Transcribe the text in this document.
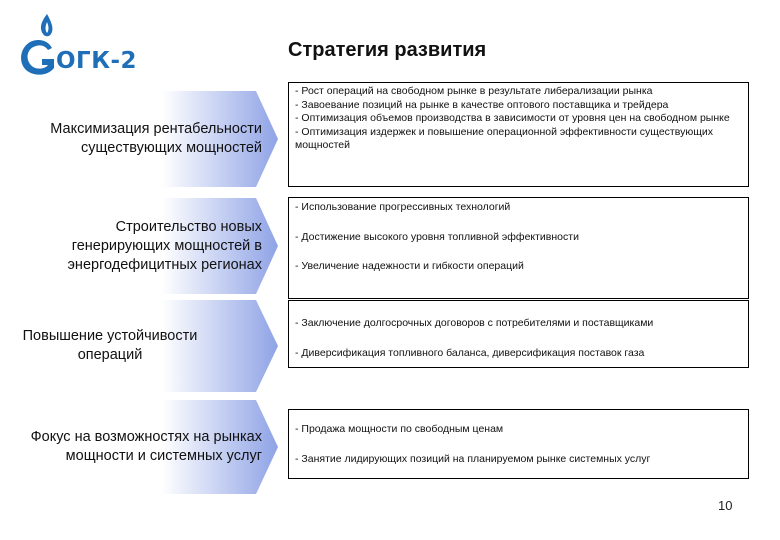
ОГК-2	Стратегия развития
Максимизация рентабельности существующих мощностей
- Рост операций на свободном рынке в результате либерализации рынка
- Завоевание позиций на рынке в качестве оптового поставщика и трейдера
- Оптимизация объемов производства в зависимости от уровня цен на свободном рынке
- Оптимизация издержек и повышение операционной эффективности существующих мощностей
Строительство новых генерирующих мощностей в энергодефицитных регионах
- Использование прогрессивных технологий
- Достижение высокого уровня топливной эффективности
- Увеличение надежности и гибкости операций
Повышение устойчивости операций
- Заключение долгосрочных договоров с потребителями и поставщиками
- Диверсификация топливного баланса, диверсификация поставок газа
Фокус на возможностях на рынках мощности и системных услуг
- Продажа мощности по свободным ценам
- Занятие лидирующих позиций на планируемом рынке системных услуг
10
